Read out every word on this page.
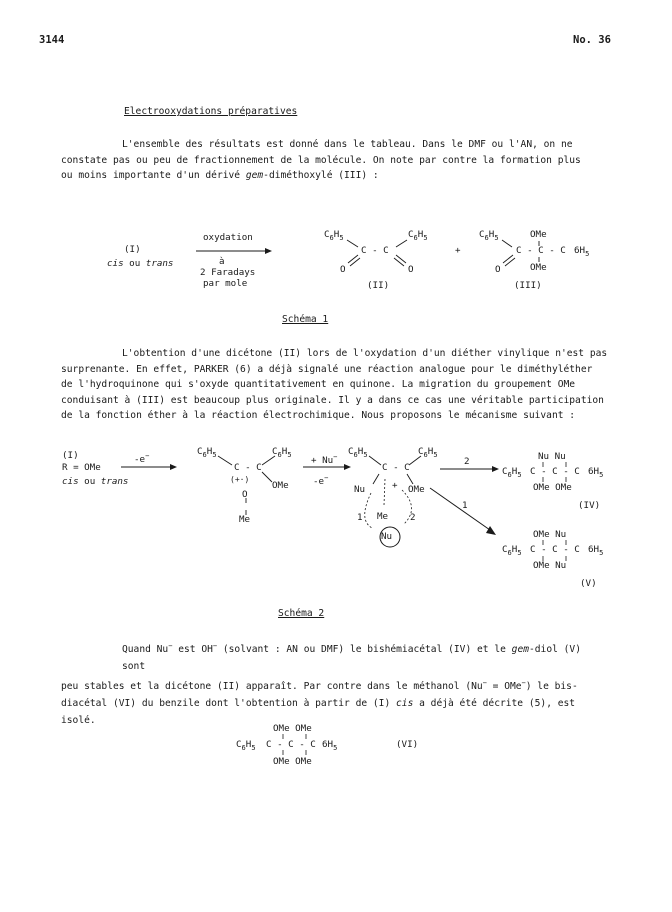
3144	No. 36
Electrooxydations préparatives
L'ensemble des résultats est donné dans le tableau. Dans le DMF ou l'AN, on ne
constate pas ou peu de fractionnement de la molécule. On note par contre la formation plus
ou moins importante d'un dérivé gem-diméthoxylé (III) :
(I)
cis ou trans
oxydation
à
2 Faradays
par mole
$C_6H_5$	$C_6H_5$
C - C
O	O
(II)
+
$C_6H_5$	OMe
C - C - C $6H_5$
O	OMe
(III)
Schéma 1
L'obtention d'une dicétone (II) lors de l'oxydation d'un diéther vinylique n'est pas
surprenante. En effet, PARKER (6) a déjà signalé une réaction analogue pour le diméthyléther
de l'hydroquinone qui s'oxyde quantitativement en quinone. La migration du groupement OMe
conduisant à (III) est beaucoup plus originale. Il y a dans ce cas une véritable participation
de la fonction éther à la réaction électrochimique. Nous proposons le mécanisme suivant :
(I)
R = OMe
cis ou trans
-e−	$C_6H_5$	$C_6H_5$
C - C
(+·)
OMe
O
Me
+ Nu−
-e−
$C_6H_5$	$C_6H_5$
C - C
Nu	+ OMe
Me
1	2
Nu
2
1
Nu Nu
$C_6H_5$ C - C - C $6H_5$
OMe OMe
(IV)
OMe Nu
$C_6H_5$ C - C - C $6H_5$
OMe Nu
(V)
Schéma 2
Quand Nu− est OH− (solvant : AN ou DMF) le bishémiacétal (IV) et le gem-diol (V) sont
peu stables et la dicétone (II) apparaît. Par contre dans le méthanol (Nu− = OMe−) le bis-
diacétal (VI) du benzile dont l'obtention à partir de (I) cis a déjà été décrite (5), est
isolé.
OMe OMe
$C_6H_5$ C - C - C $6H_5$
OMe OMe
(VI)
